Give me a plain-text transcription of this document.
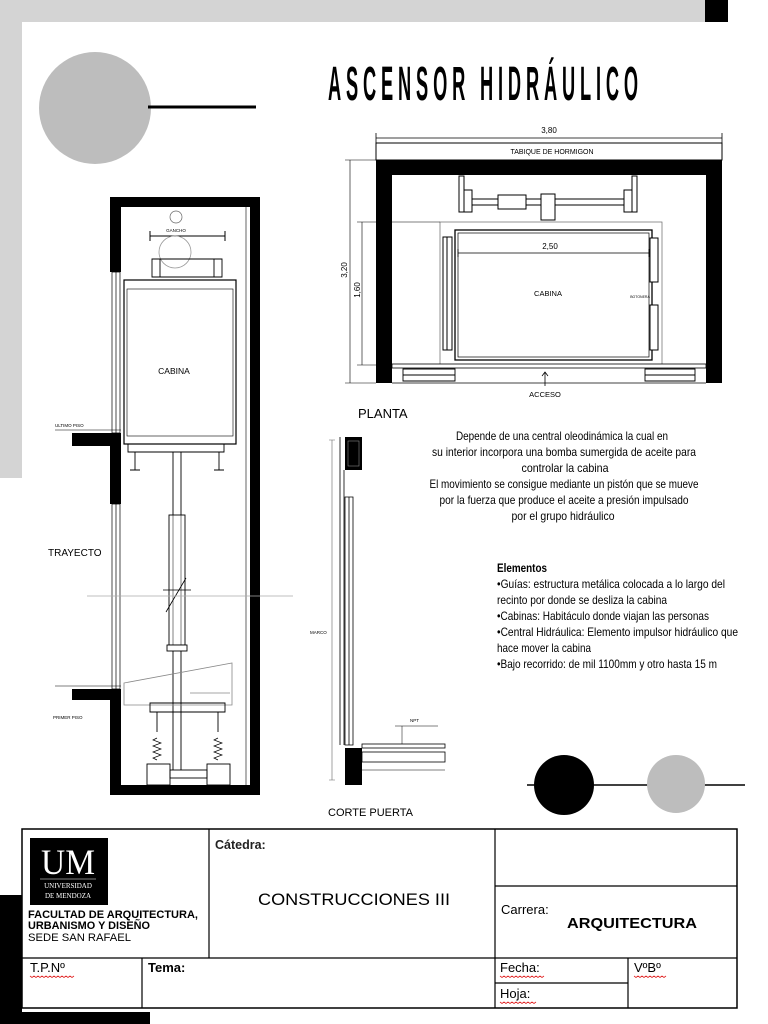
ASCENSOR HIDRÁULICO
3,80
TABIQUE DE HORMIGON
2,50
3,20
1,60	CABINA	BOTONERA
ACCESO
PLANTA
GANCHO
CABINA
ULTIMO PISO
PRIMER PISO
TRAYECTO
NPT
MARCO
CORTE PUERTA
Depende de una central oleodinámica la cual en
su interior incorpora una bomba sumergida de aceite para
controlar la cabina
El movimiento se consigue mediante un pistón que se mueve
por la fuerza que produce el aceite a presión impulsado
por el grupo hidráulico
Elementos
•Guías: estructura metálica colocada a lo largo del
recinto por donde se desliza la cabina
•Cabinas: Habitáculo donde viajan las personas
•Central Hidráulica: Elemento impulsor hidráulico que
hace mover la cabina
•Bajo recorrido: de mil 1100mm y otro hasta 15 m
UM
UNIVERSIDAD
DE MENDOZA
FACULTAD DE ARQUITECTURA,
URBANISMO Y DISEÑO
SEDE SAN RAFAEL
Cátedra:
CONSTRUCCIONES III
Carrera:
ARQUITECTURA
T.P.Nº	Tema:	Fecha:	VºBº
Hoja:
